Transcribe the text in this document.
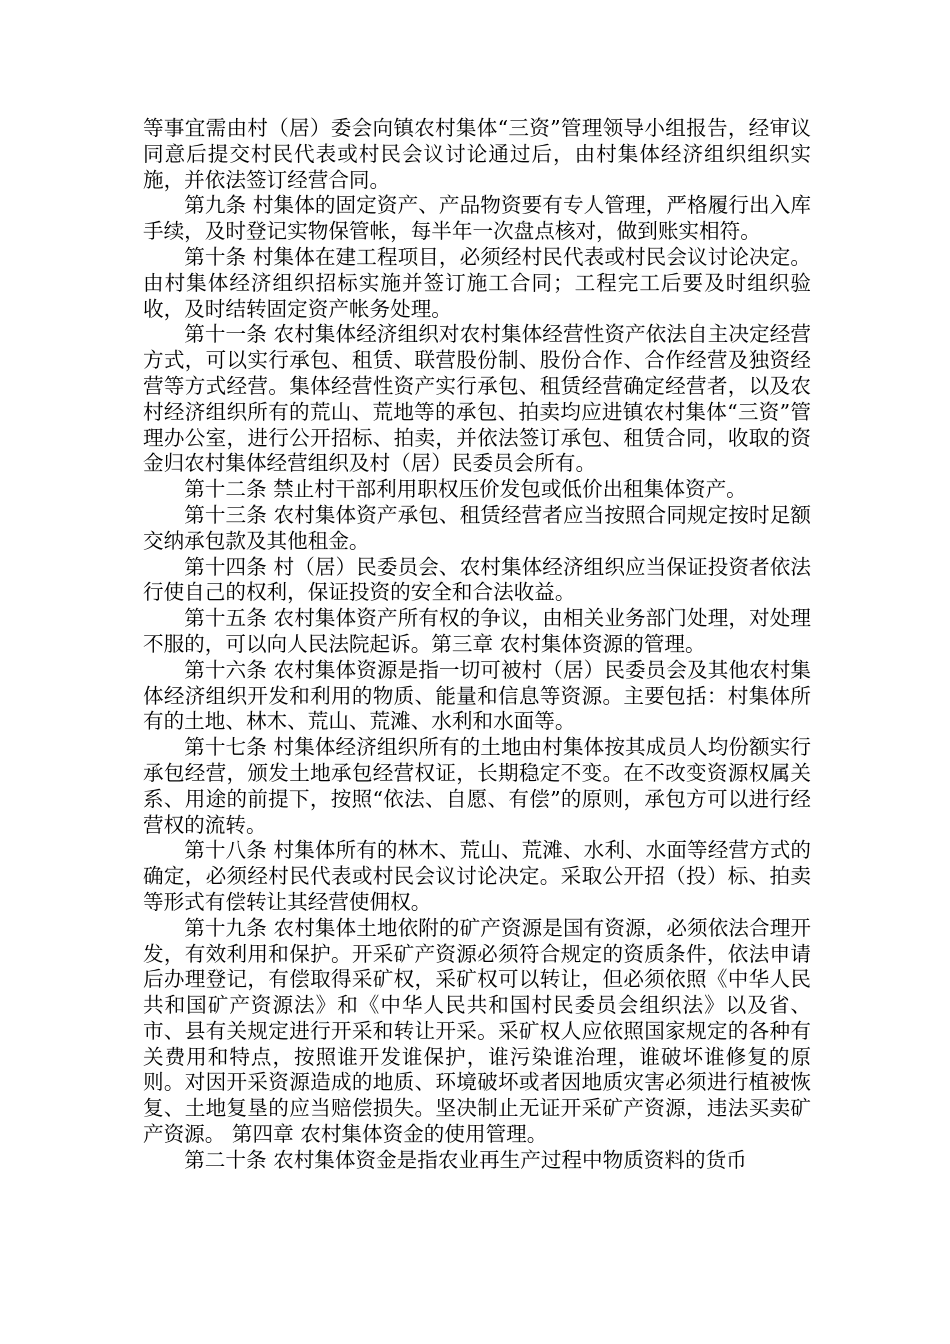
等事宜需由村（居）委会向镇农村集体“三资”管理领导小组报告，经审议同意后提交村民代表或村民会议讨论通过后，由村集体经济组织组织实施，并依法签订经营合同。

第九条 村集体的固定资产、产品物资要有专人管理，严格履行出入库手续，及时登记实物保管帐，每半年一次盘点核对，做到账实相符。

第十条 村集体在建工程项目，必须经村民代表或村民会议讨论决定。由村集体经济组织招标实施并签订施工合同；工程完工后要及时组织验收，及时结转固定资产帐务处理。

第十一条 农村集体经济组织对农村集体经营性资产依法自主决定经营方式，可以实行承包、租赁、联营股份制、股份合作、合作经营及独资经营等方式经营。集体经营性资产实行承包、租赁经营确定经营者，以及农村经济组织所有的荒山、荒地等的承包、拍卖均应进镇农村集体“三资”管理办公室，进行公开招标、拍卖，并依法签订承包、租赁合同，收取的资金归农村集体经营组织及村（居）民委员会所有。

第十二条 禁止村干部利用职权压价发包或低价出租集体资产。

第十三条 农村集体资产承包、租赁经营者应当按照合同规定按时足额交纳承包款及其他租金。

第十四条 村（居）民委员会、农村集体经济组织应当保证投资者依法行使自己的权利，保证投资的安全和合法收益。

第十五条 农村集体资产所有权的争议，由相关业务部门处理，对处理不服的，可以向人民法院起诉。第三章 农村集体资源的管理。

第十六条 农村集体资源是指一切可被村（居）民委员会及其他农村集体经济组织开发和利用的物质、能量和信息等资源。主要包括：村集体所有的土地、林木、荒山、荒滩、水利和水面等。

第十七条 村集体经济组织所有的土地由村集体按其成员人均份额实行承包经营，颁发土地承包经营权证，长期稳定不变。在不改变资源权属关系、用途的前提下，按照“依法、自愿、有偿”的原则，承包方可以进行经营权的流转。

第十八条 村集体所有的林木、荒山、荒滩、水利、水面等经营方式的确定，必须经村民代表或村民会议讨论决定。采取公开招（投）标、拍卖等形式有偿转让其经营使佣权。

第十九条 农村集体土地依附的矿产资源是国有资源，必须依法合理开发，有效利用和保护。开采矿产资源必须符合规定的资质条件，依法申请后办理登记，有偿取得采矿权，采矿权可以转让，但必须依照《中华人民共和国矿产资源法》和《中华人民共和国村民委员会组织法》以及省、市、县有关规定进行开采和转让开采。采矿权人应依照国家规定的各种有关费用和特点，按照谁开发谁保护，谁污染谁治理，谁破坏谁修复的原则。对因开采资源造成的地质、环境破坏或者因地质灾害必须进行植被恢复、土地复垦的应当赔偿损失。坚决制止无证开采矿产资源，违法买卖矿产资源。 第四章 农村集体资金的使用管理。

第二十条 农村集体资金是指农业再生产过程中物质资料的货币
